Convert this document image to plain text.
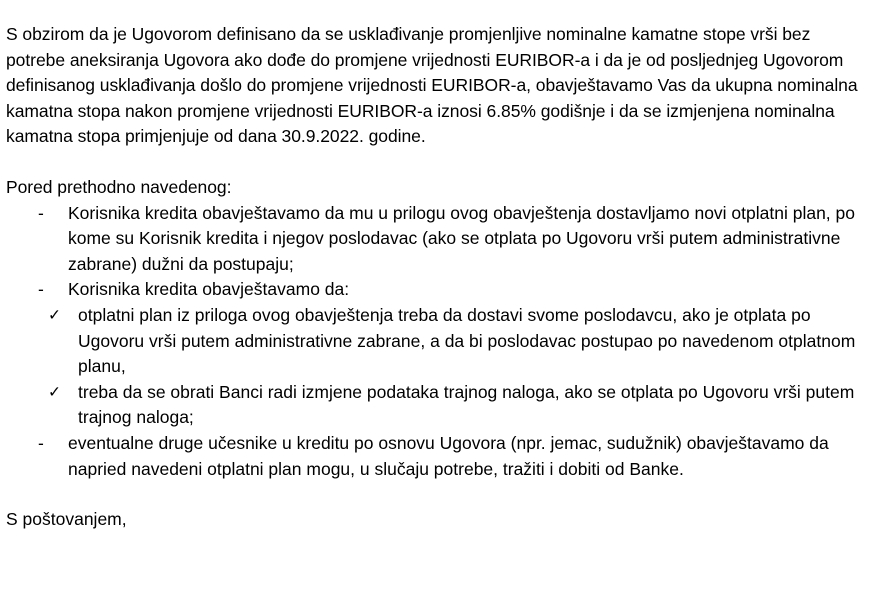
S obzirom da je Ugovorom definisano da se usklađivanje promjenljive nominalne kamatne stope vrši bez potrebe aneksiranja Ugovora ako dođe do promjene vrijednosti EURIBOR-a i da je od posljednjeg Ugovorom definisanog usklađivanja došlo do promjene vrijednosti EURIBOR-a, obavještavamo Vas da ukupna nominalna kamatna stopa nakon promjene vrijednosti EURIBOR-a iznosi 6.85% godišnje i da se izmjenjena nominalna kamatna stopa primjenjuje od dana 30.9.2022. godine.

Pored prethodno navedenog:

- Korisnika kredita obavještavamo da mu u prilogu ovog obavještenja dostavljamo novi otplatni plan, po kome su Korisnik kredita i njegov poslodavac (ako se otplata po Ugovoru vrši putem administrativne zabrane) dužni da postupaju;
- Korisnika kredita obavještavamo da:
✓ otplatni plan iz priloga ovog obavještenja treba da dostavi svome poslodavcu, ako je otplata po Ugovoru vrši putem administrativne zabrane, a da bi poslodavac postupao po navedenom otplatnom planu,
✓ treba da se obrati Banci radi izmjene podataka trajnog naloga, ako se otplata po Ugovoru vrši putem trajnog naloga;
- eventualne druge učesnike u kreditu po osnovu Ugovora (npr. jemac, sudužnik) obavještavamo da napried navedeni otplatni plan mogu, u slučaju potrebe, tražiti i dobiti od Banke.

S poštovanjem,
